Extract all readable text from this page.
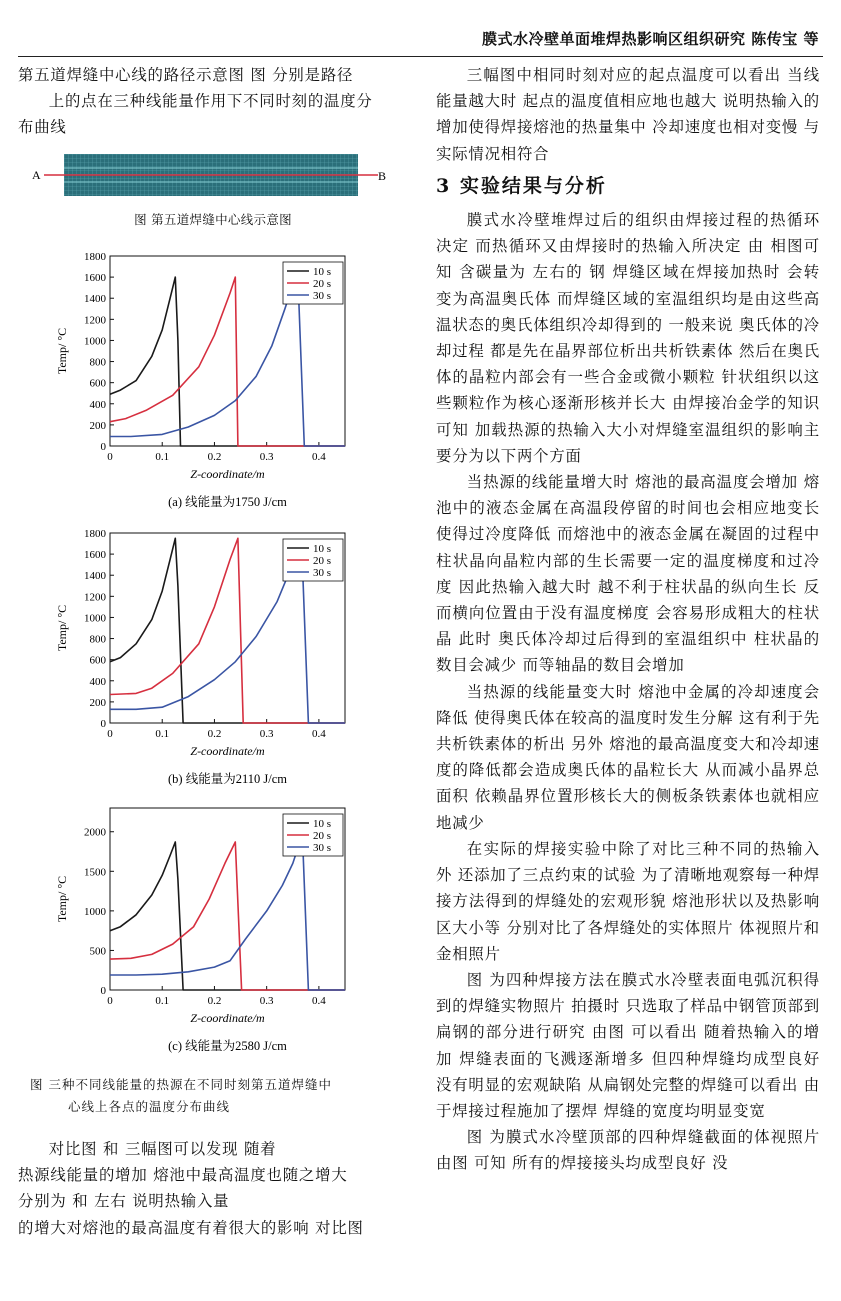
膜式水冷壁单面堆焊热影响区组织研究 陈传宝 等

第五道焊缝中心线的路径示意图 图 分别是路径

上的点在三种线能量作用下不同时刻的温度分

布曲线

A	B
图 第五道焊缝中心线示意图
0
200
400
600
800
1000
1200
1400
1600
1800
0	0.1	0.2	0.3	0.4
10 s
20 s
30 s
Temp/ °C
Z-coordinate/m
(a) 线能量为1750 J/cm
0
200
400
600
800
1000
1200
1400
1600
1800
0	0.1	0.2	0.3	0.4
10 s
20 s
30 s
Temp/ °C
Z-coordinate/m
(b) 线能量为2110 J/cm
0
500
1000
1500
2000
0	0.1	0.2	0.3	0.4
10 s
20 s
30 s
Temp/ °C
Z-coordinate/m
(c) 线能量为2580 J/cm
图 三种不同线能量的热源在不同时刻第五道焊缝中
心线上各点的温度分布曲线

对比图 和 三幅图可以发现 随着

热源线能量的增加 熔池中最高温度也随之增大

分别为 和 左右 说明热输入量

的增大对熔池的最高温度有着很大的影响 对比图

三幅图中相同时刻对应的起点温度可以看出 当线能量越大时 起点的温度值相应地也越大 说明热输入的增加使得焊接熔池的热量集中 冷却速度也相对变慢 与实际情况相符合

3 实验结果与分析

膜式水冷壁堆焊过后的组织由焊接过程的热循环决定 而热循环又由焊接时的热输入所决定 由 相图可知 含碳量为 左右的 钢 焊缝区域在焊接加热时 会转变为高温奥氏体 而焊缝区域的室温组织均是由这些高温状态的奥氏体组织冷却得到的 一般来说 奥氏体的冷却过程 都是先在晶界部位析出共析铁素体 然后在奥氏体的晶粒内部会有一些合金或微小颗粒 针状组织以这些颗粒作为核心逐渐形核并长大 由焊接冶金学的知识 可知 加载热源的热输入大小对焊缝室温组织的影响主要分为以下两个方面

当热源的线能量增大时 熔池的最高温度会增加 熔池中的液态金属在高温段停留的时间也会相应地变长 使得过冷度降低 而熔池中的液态金属在凝固的过程中 柱状晶向晶粒内部的生长需要一定的温度梯度和过冷度 因此热输入越大时 越不利于柱状晶的纵向生长 反而横向位置由于没有温度梯度 会容易形成粗大的柱状晶 此时 奥氏体冷却过后得到的室温组织中 柱状晶的数目会减少 而等轴晶的数目会增加

当热源的线能量变大时 熔池中金属的冷却速度会降低 使得奥氏体在较高的温度时发生分解 这有利于先共析铁素体的析出 另外 熔池的最高温度变大和冷却速度的降低都会造成奥氏体的晶粒长大 从而减小晶界总面积 依赖晶界位置形核长大的侧板条铁素体也就相应地减少

在实际的焊接实验中除了对比三种不同的热输入外 还添加了三点约束的试验 为了清晰地观察每一种焊接方法得到的焊缝处的宏观形貌 熔池形状以及热影响区大小等 分别对比了各焊缝处的实体照片 体视照片和金相照片

图 为四种焊接方法在膜式水冷壁表面电弧沉积得到的焊缝实物照片 拍摄时 只选取了样品中钢管顶部到扁钢的部分进行研究 由图 可以看出 随着热输入的增加 焊缝表面的飞溅逐渐增多 但四种焊缝均成型良好 没有明显的宏观缺陷 从扁钢处完整的焊缝可以看出 由于焊接过程施加了摆焊 焊缝的宽度均明显变宽

图 为膜式水冷壁顶部的四种焊缝截面的体视照片 由图 可知 所有的焊接接头均成型良好 没
